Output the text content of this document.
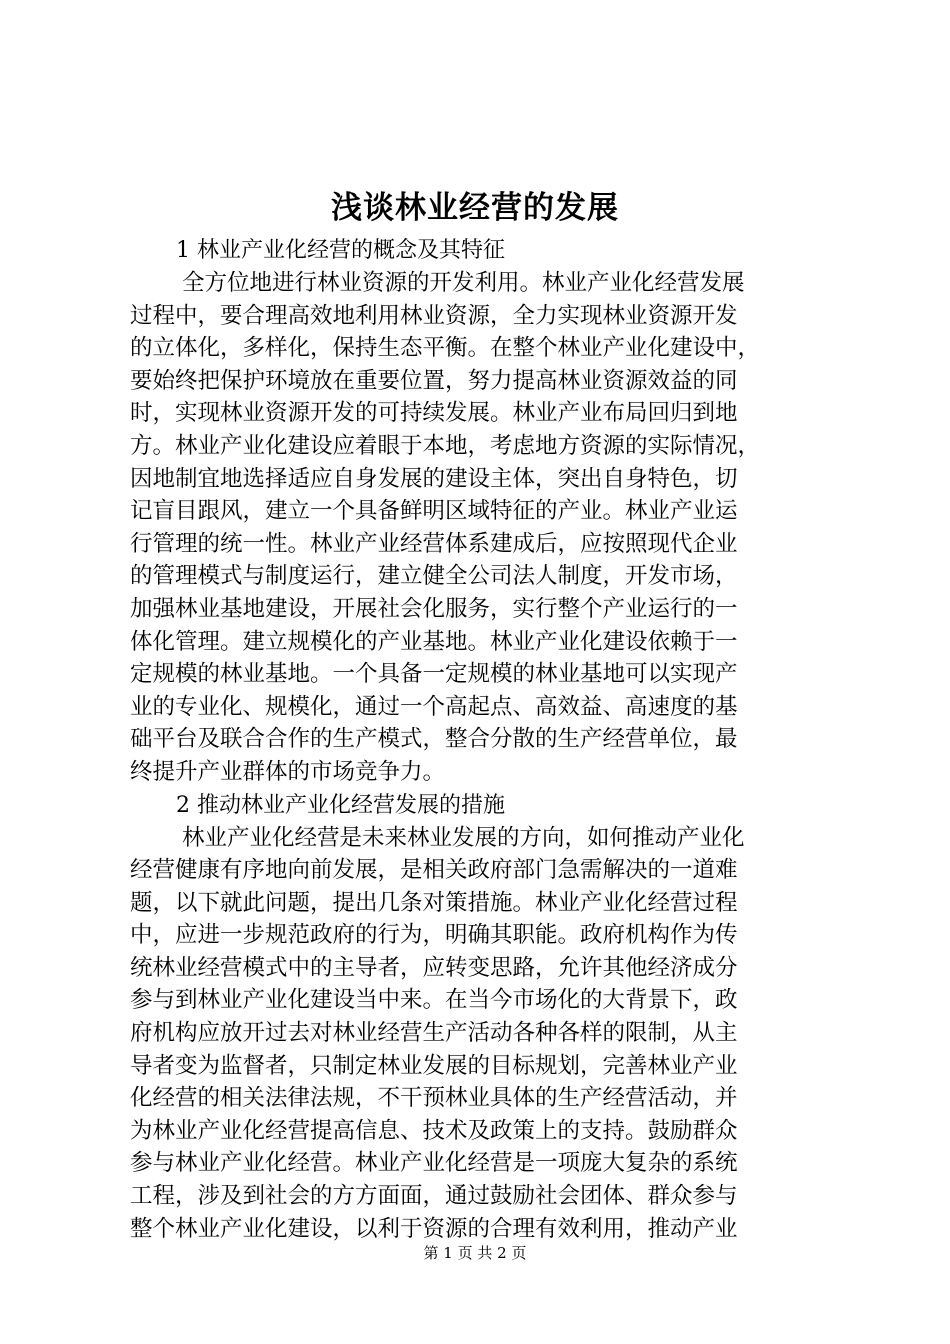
浅谈林业经营的发展

1 林业产业化经营的概念及其特征

全方位地进行林业资源的开发利用。林业产业化经营发展

过程中，要合理高效地利用林业资源，全力实现林业资源开发

的立体化，多样化，保持生态平衡。在整个林业产业化建设中，

要始终把保护环境放在重要位置，努力提高林业资源效益的同

时，实现林业资源开发的可持续发展。林业产业布局回归到地

方。林业产业化建设应着眼于本地，考虑地方资源的实际情况，

因地制宜地选择适应自身发展的建设主体，突出自身特色，切

记盲目跟风，建立一个具备鲜明区域特征的产业。林业产业运

行管理的统一性。林业产业经营体系建成后，应按照现代企业

的管理模式与制度运行，建立健全公司法人制度，开发市场，

加强林业基地建设，开展社会化服务，实行整个产业运行的一

体化管理。建立规模化的产业基地。林业产业化建设依赖于一

定规模的林业基地。一个具备一定规模的林业基地可以实现产

业的专业化、规模化，通过一个高起点、高效益、高速度的基

础平台及联合合作的生产模式，整合分散的生产经营单位，最

终提升产业群体的市场竞争力。

2 推动林业产业化经营发展的措施

林业产业化经营是未来林业发展的方向，如何推动产业化

经营健康有序地向前发展，是相关政府部门急需解决的一道难

题，以下就此问题，提出几条对策措施。林业产业化经营过程

中，应进一步规范政府的行为，明确其职能。政府机构作为传

统林业经营模式中的主导者，应转变思路，允许其他经济成分

参与到林业产业化建设当中来。在当今市场化的大背景下，政

府机构应放开过去对林业经营生产活动各种各样的限制，从主

导者变为监督者，只制定林业发展的目标规划，完善林业产业

化经营的相关法律法规，不干预林业具体的生产经营活动，并

为林业产业化经营提高信息、技术及政策上的支持。鼓励群众

参与林业产业化经营。林业产业化经营是一项庞大复杂的系统

工程，涉及到社会的方方面面，通过鼓励社会团体、群众参与

整个林业产业化建设，以利于资源的合理有效利用，推动产业

第 1 页 共 2 页
